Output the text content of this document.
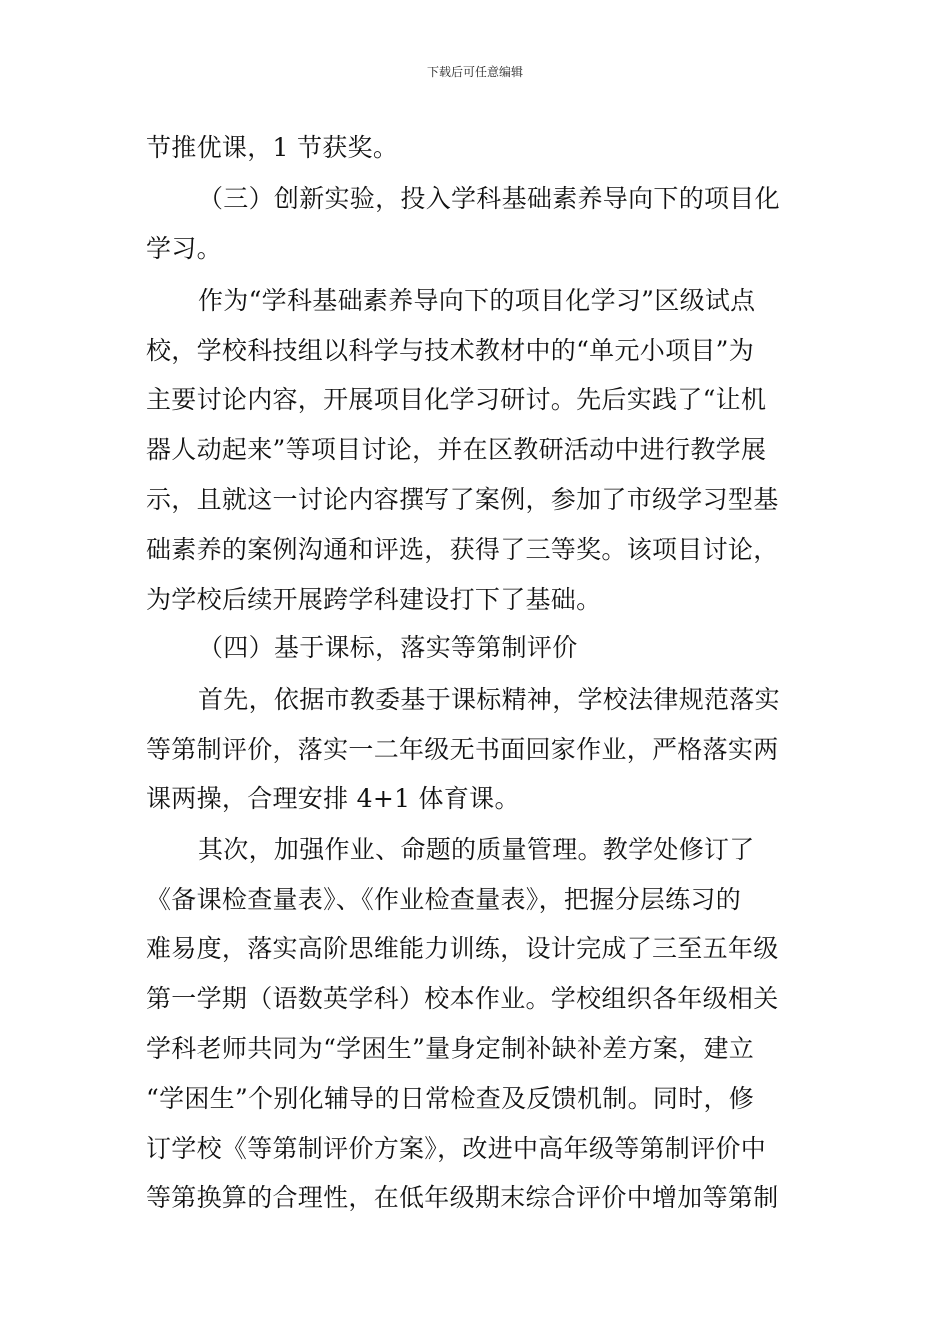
下载后可任意编辑
节推优课，1 节获奖。
（三）创新实验，投入学科基础素养导向下的项目化
学习。
作为“学科基础素养导向下的项目化学习”区级试点
校，学校科技组以科学与技术教材中的“单元小项目”为
主要讨论内容，开展项目化学习研讨。先后实践了“让机
器人动起来”等项目讨论，并在区教研活动中进行教学展
示，且就这一讨论内容撰写了案例，参加了市级学习型基
础素养的案例沟通和评选，获得了三等奖。该项目讨论，
为学校后续开展跨学科建设打下了基础。
（四）基于课标，落实等第制评价
首先，依据市教委基于课标精神，学校法律规范落实
等第制评价，落实一二年级无书面回家作业，严格落实两
课两操，合理安排 4+1 体育课。
其次，加强作业、命题的质量管理。教学处修订了
《备课检查量表》、《作业检查量表》，把握分层练习的
难易度，落实高阶思维能力训练，设计完成了三至五年级
第一学期（语数英学科）校本作业。学校组织各年级相关
学科老师共同为“学困生”量身定制补缺补差方案，建立
“学困生”个别化辅导的日常检查及反馈机制。同时，修
订学校《等第制评价方案》，改进中高年级等第制评价中
等第换算的合理性，在低年级期末综合评价中增加等第制
